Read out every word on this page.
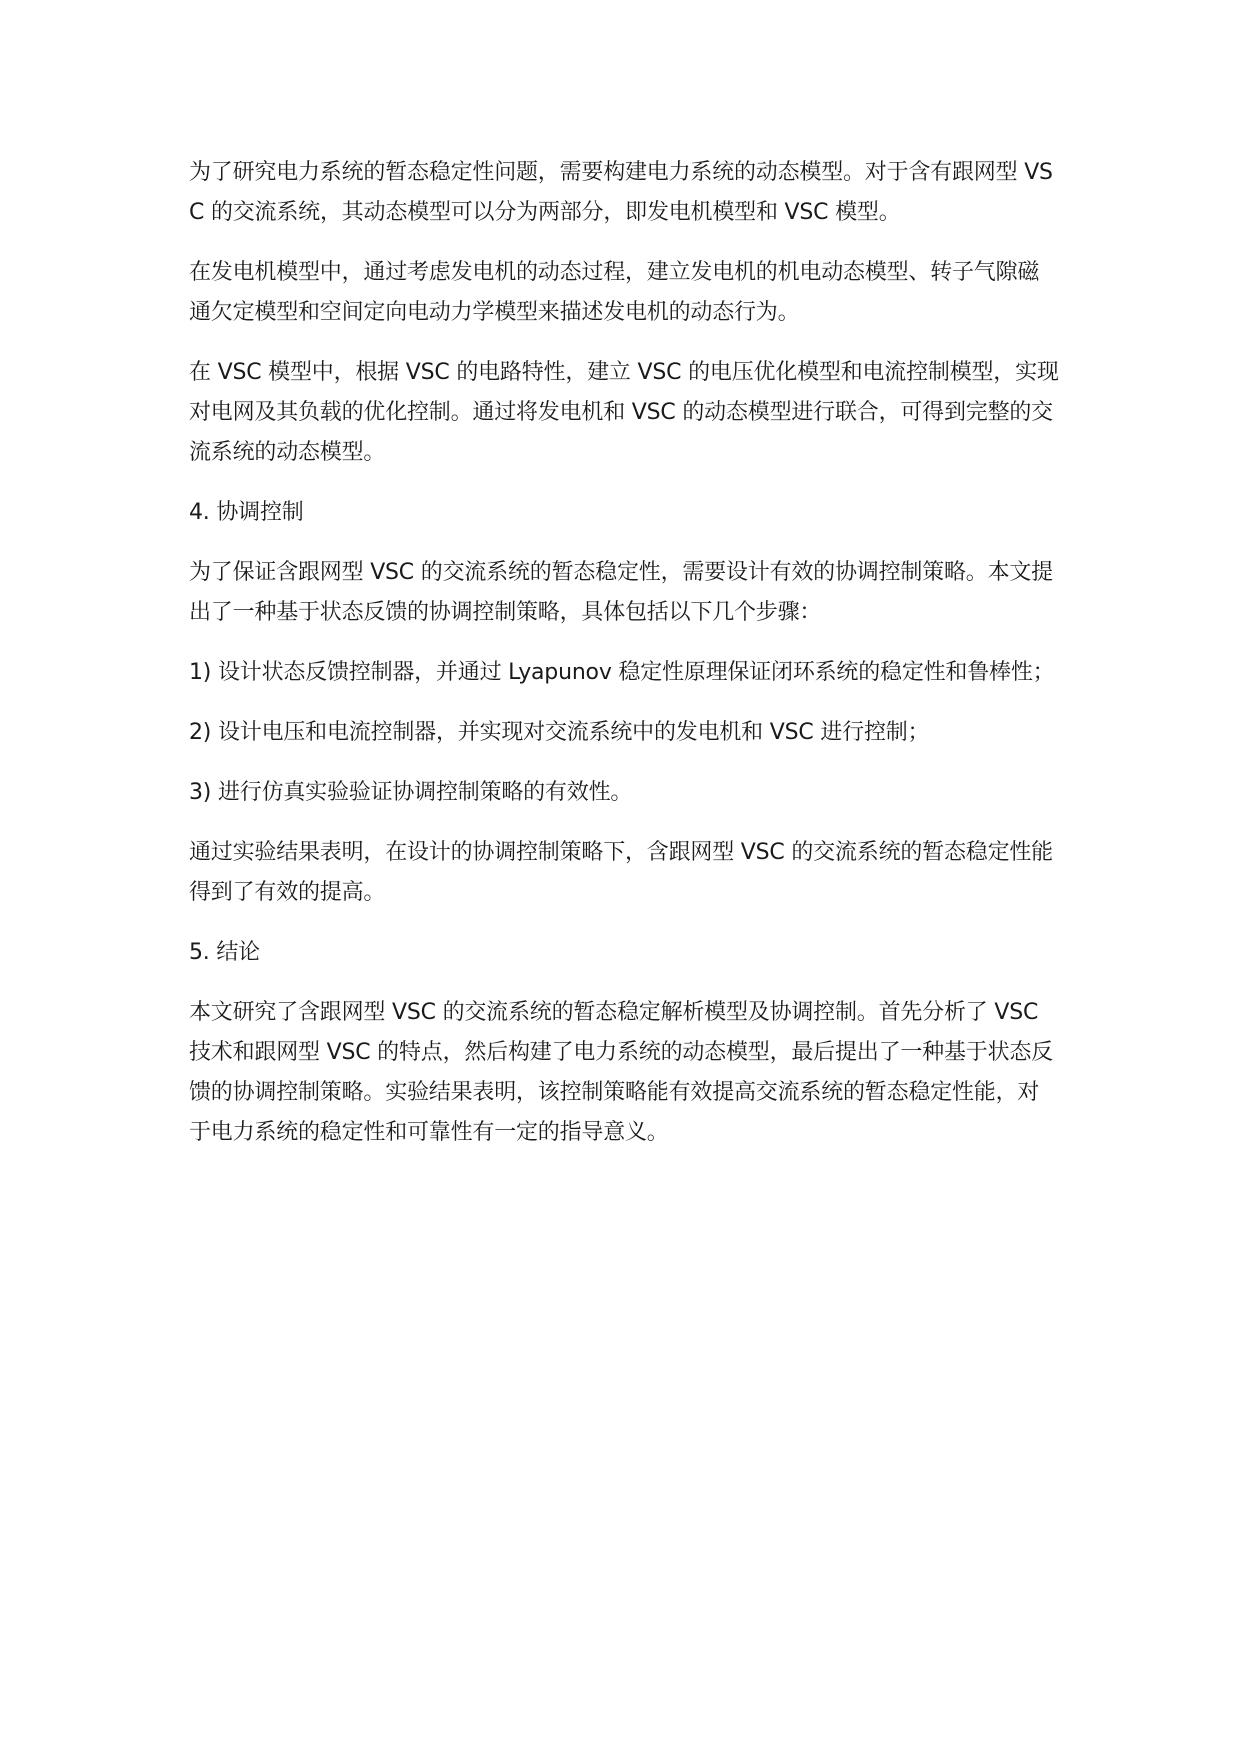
为了研究电力系统的暂态稳定性问题，需要构建电力系统的动态模型。对于含有跟网型 VSC 的交流系统，其动态模型可以分为两部分，即发电机模型和 VSC 模型。

在发电机模型中，通过考虑发电机的动态过程，建立发电机的机电动态模型、转子气隙磁通欠定模型和空间定向电动力学模型来描述发电机的动态行为。

在 VSC 模型中，根据 VSC 的电路特性，建立 VSC 的电压优化模型和电流控制模型，实现对电网及其负载的优化控制。通过将发电机和 VSC 的动态模型进行联合，可得到完整的交流系统的动态模型。

4. 协调控制

为了保证含跟网型 VSC 的交流系统的暂态稳定性，需要设计有效的协调控制策略。本文提出了一种基于状态反馈的协调控制策略，具体包括以下几个步骤：

1) 设计状态反馈控制器，并通过 Lyapunov 稳定性原理保证闭环系统的稳定性和鲁棒性；

2) 设计电压和电流控制器，并实现对交流系统中的发电机和 VSC 进行控制；

3) 进行仿真实验验证协调控制策略的有效性。

通过实验结果表明，在设计的协调控制策略下，含跟网型 VSC 的交流系统的暂态稳定性能得到了有效的提高。

5. 结论

本文研究了含跟网型 VSC 的交流系统的暂态稳定解析模型及协调控制。首先分析了 VSC 技术和跟网型 VSC 的特点，然后构建了电力系统的动态模型，最后提出了一种基于状态反馈的协调控制策略。实验结果表明，该控制策略能有效提高交流系统的暂态稳定性能，对于电力系统的稳定性和可靠性有一定的指导意义。
